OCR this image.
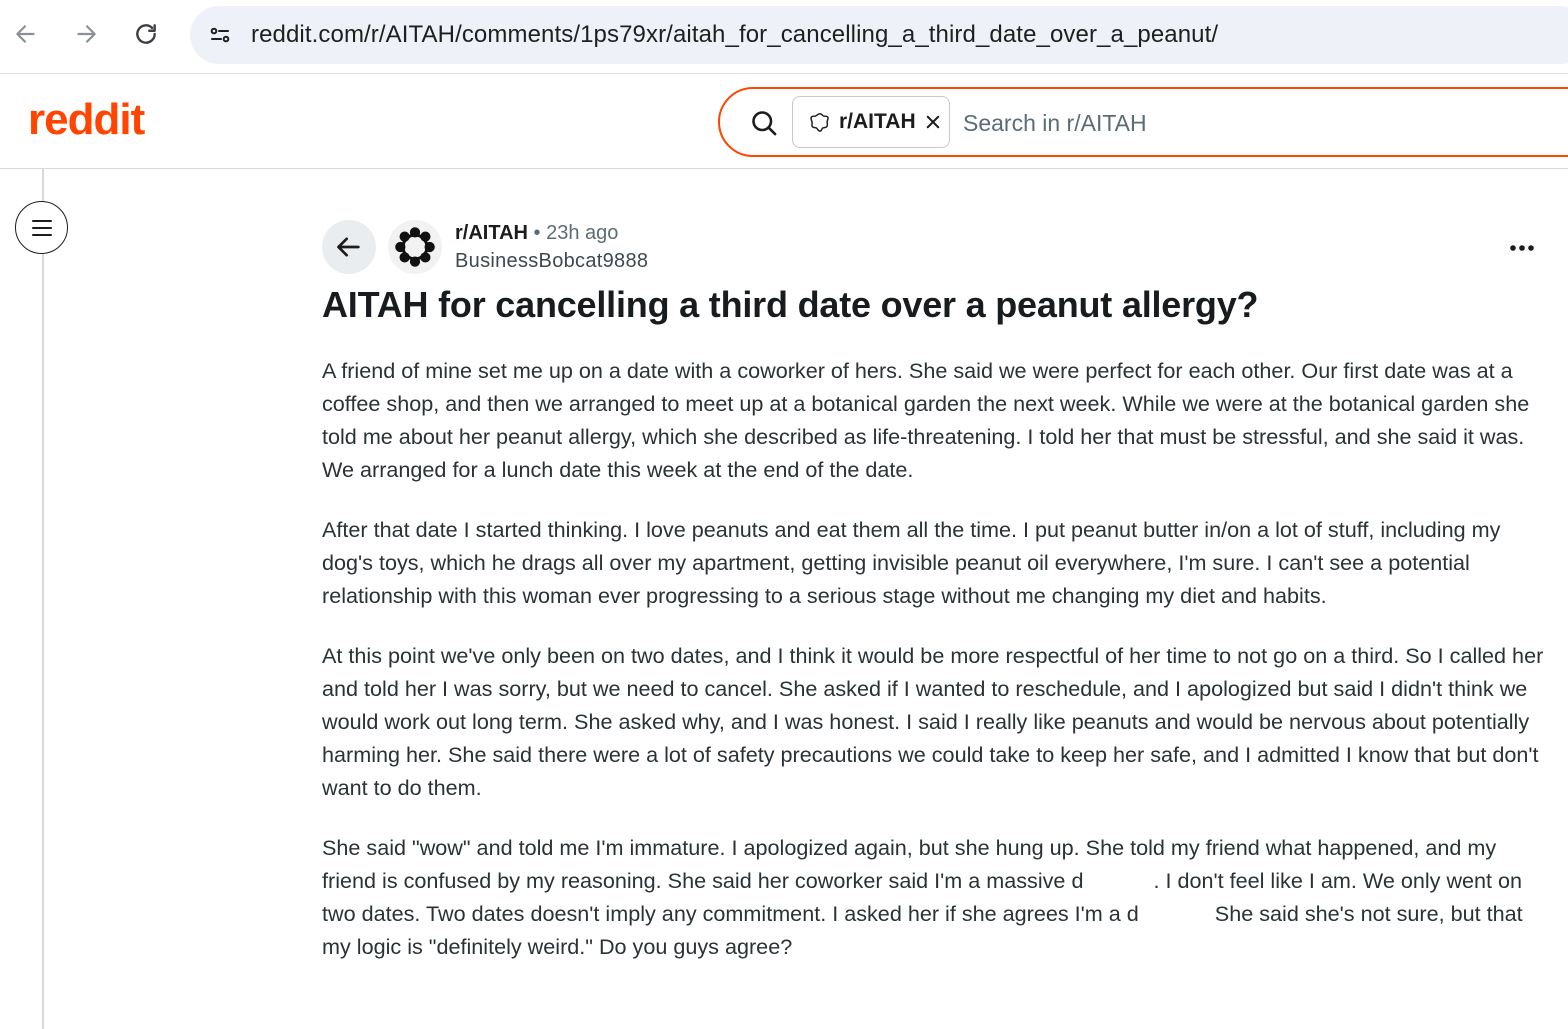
reddit.com/r/AITAH/comments/1ps79xr/aitah_for_cancelling_a_third_date_over_a_peanut/
reddit	r/AITAH
Search in r/AITAH
r/AITAH • 23h ago
BusinessBobcat9888
AITAH for cancelling a third date over a peanut allergy?

A friend of mine set me up on a date with a coworker of hers. She said we were perfect for each other. Our first date was at a coffee shop, and then we arranged to meet up at a botanical garden the next week. While we were at the botanical garden she told me about her peanut allergy, which she described as life-threatening. I told her that must be stressful, and she said it was. We arranged for a lunch date this week at the end of the date.

After that date I started thinking. I love peanuts and eat them all the time. I put peanut butter in/on a lot of stuff, including my dog's toys, which he drags all over my apartment, getting invisible peanut oil everywhere, I'm sure. I can't see a potential relationship with this woman ever progressing to a serious stage without me changing my diet and habits.

At this point we've only been on two dates, and I think it would be more respectful of her time to not go on a third. So I called her and told her I was sorry, but we need to cancel. She asked if I wanted to reschedule, and I apologized but said I didn't think we would work out long term. She asked why, and I was honest. I said I really like peanuts and would be nervous about potentially harming her. She said there were a lot of safety precautions we could take to keep her safe, and I admitted I know that but don't want to do them.

She said "wow" and told me I'm immature. I apologized again, but she hung up. She told my friend what happened, and my friend is confused by my reasoning. She said her coworker said I'm a massive d	. I don't feel like I am. We only went on two dates. Two dates doesn't imply any commitment. I asked her if she agrees I'm a d	She said she's not sure, but that my logic is "definitely weird." Do you guys agree?
